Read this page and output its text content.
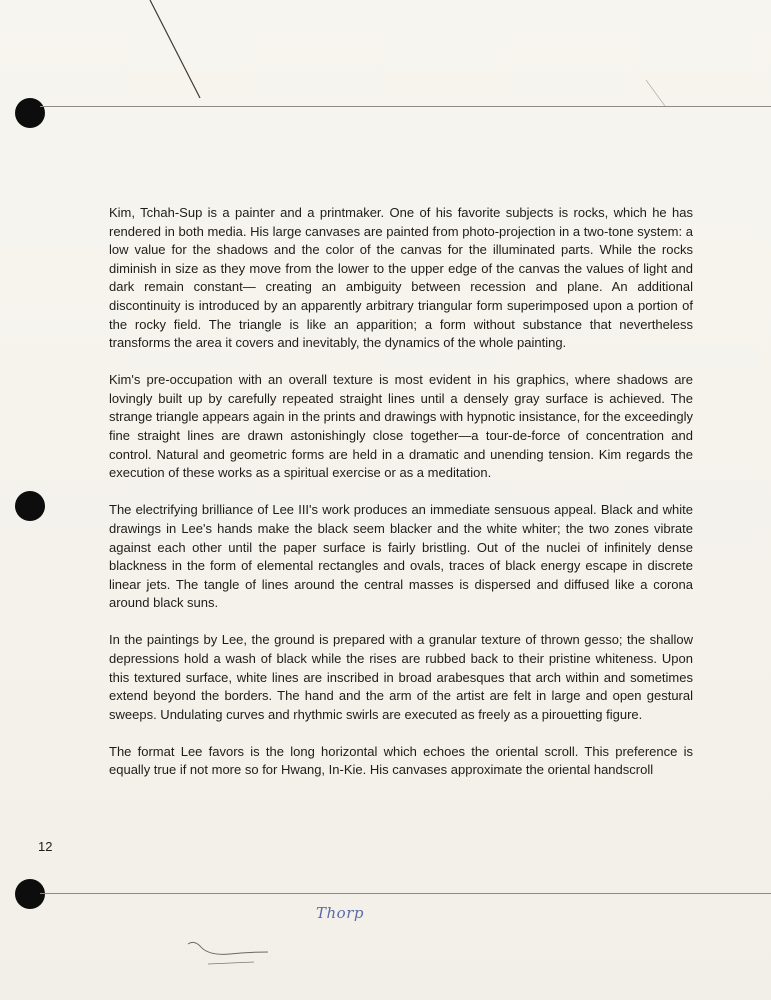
Kim, Tchah-Sup is a painter and a printmaker. One of his favorite subjects is rocks, which he has rendered in both media. His large canvases are painted from photo-projection in a two-tone system: a low value for the shadows and the color of the canvas for the illuminated parts. While the rocks diminish in size as they move from the lower to the upper edge of the canvas the values of light and dark remain constant— creating an ambiguity between recession and plane. An additional discontinuity is introduced by an apparently arbitrary triangular form superimposed upon a portion of the rocky field. The triangle is like an apparition; a form without substance that nevertheless transforms the area it covers and inevitably, the dynamics of the whole painting.

Kim's pre-occupation with an overall texture is most evident in his graphics, where shadows are lovingly built up by carefully repeated straight lines until a densely gray surface is achieved. The strange triangle appears again in the prints and drawings with hypnotic insistance, for the exceedingly fine straight lines are drawn astonishingly close together—a tour-de-force of concentration and control. Natural and geometric forms are held in a dramatic and unending tension. Kim regards the execution of these works as a spiritual exercise or as a meditation.

The electrifying brilliance of Lee III's work produces an immediate sensuous appeal. Black and white drawings in Lee's hands make the black seem blacker and the white whiter; the two zones vibrate against each other until the paper surface is fairly bristling. Out of the nuclei of infinitely dense blackness in the form of elemental rectangles and ovals, traces of black energy escape in discrete linear jets. The tangle of lines around the central masses is dispersed and diffused like a corona around black suns.

In the paintings by Lee, the ground is prepared with a granular texture of thrown gesso; the shallow depressions hold a wash of black while the rises are rubbed back to their pristine whiteness. Upon this textured surface, white lines are inscribed in broad arabesques that arch within and sometimes extend beyond the borders. The hand and the arm of the artist are felt in large and open gestural sweeps. Undulating curves and rhythmic swirls are executed as freely as a pirouetting figure.

The format Lee favors is the long horizontal which echoes the oriental scroll. This preference is equally true if not more so for Hwang, In-Kie. His canvases approximate the oriental handscroll

12
Thorp
